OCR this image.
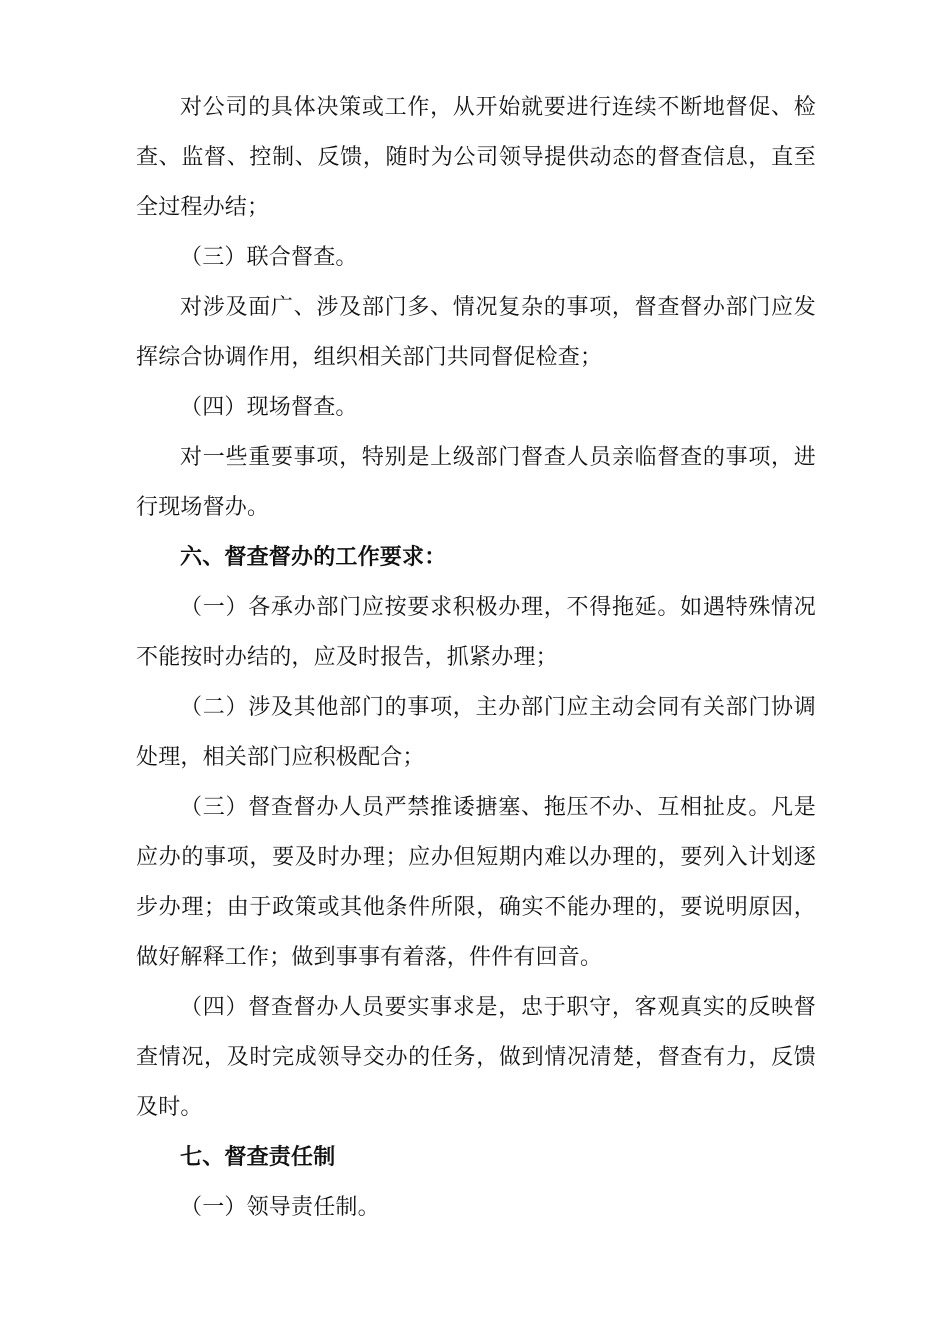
对公司的具体决策或工作，从开始就要进行连续不断地督促、检查、监督、控制、反馈，随时为公司领导提供动态的督查信息，直至全过程办结；

（三）联合督查。

对涉及面广、涉及部门多、情况复杂的事项，督查督办部门应发挥综合协调作用，组织相关部门共同督促检查；

（四）现场督查。

对一些重要事项，特别是上级部门督查人员亲临督查的事项，进行现场督办。

六、督查督办的工作要求：

（一）各承办部门应按要求积极办理，不得拖延。如遇特殊情况不能按时办结的，应及时报告，抓紧办理；

（二）涉及其他部门的事项，主办部门应主动会同有关部门协调处理，相关部门应积极配合；

（三）督查督办人员严禁推诿搪塞、拖压不办、互相扯皮。凡是应办的事项，要及时办理；应办但短期内难以办理的，要列入计划逐步办理；由于政策或其他条件所限，确实不能办理的，要说明原因，做好解释工作；做到事事有着落，件件有回音。

（四）督查督办人员要实事求是，忠于职守，客观真实的反映督查情况，及时完成领导交办的任务，做到情况清楚，督查有力，反馈及时。

七、督查责任制

（一）领导责任制。
